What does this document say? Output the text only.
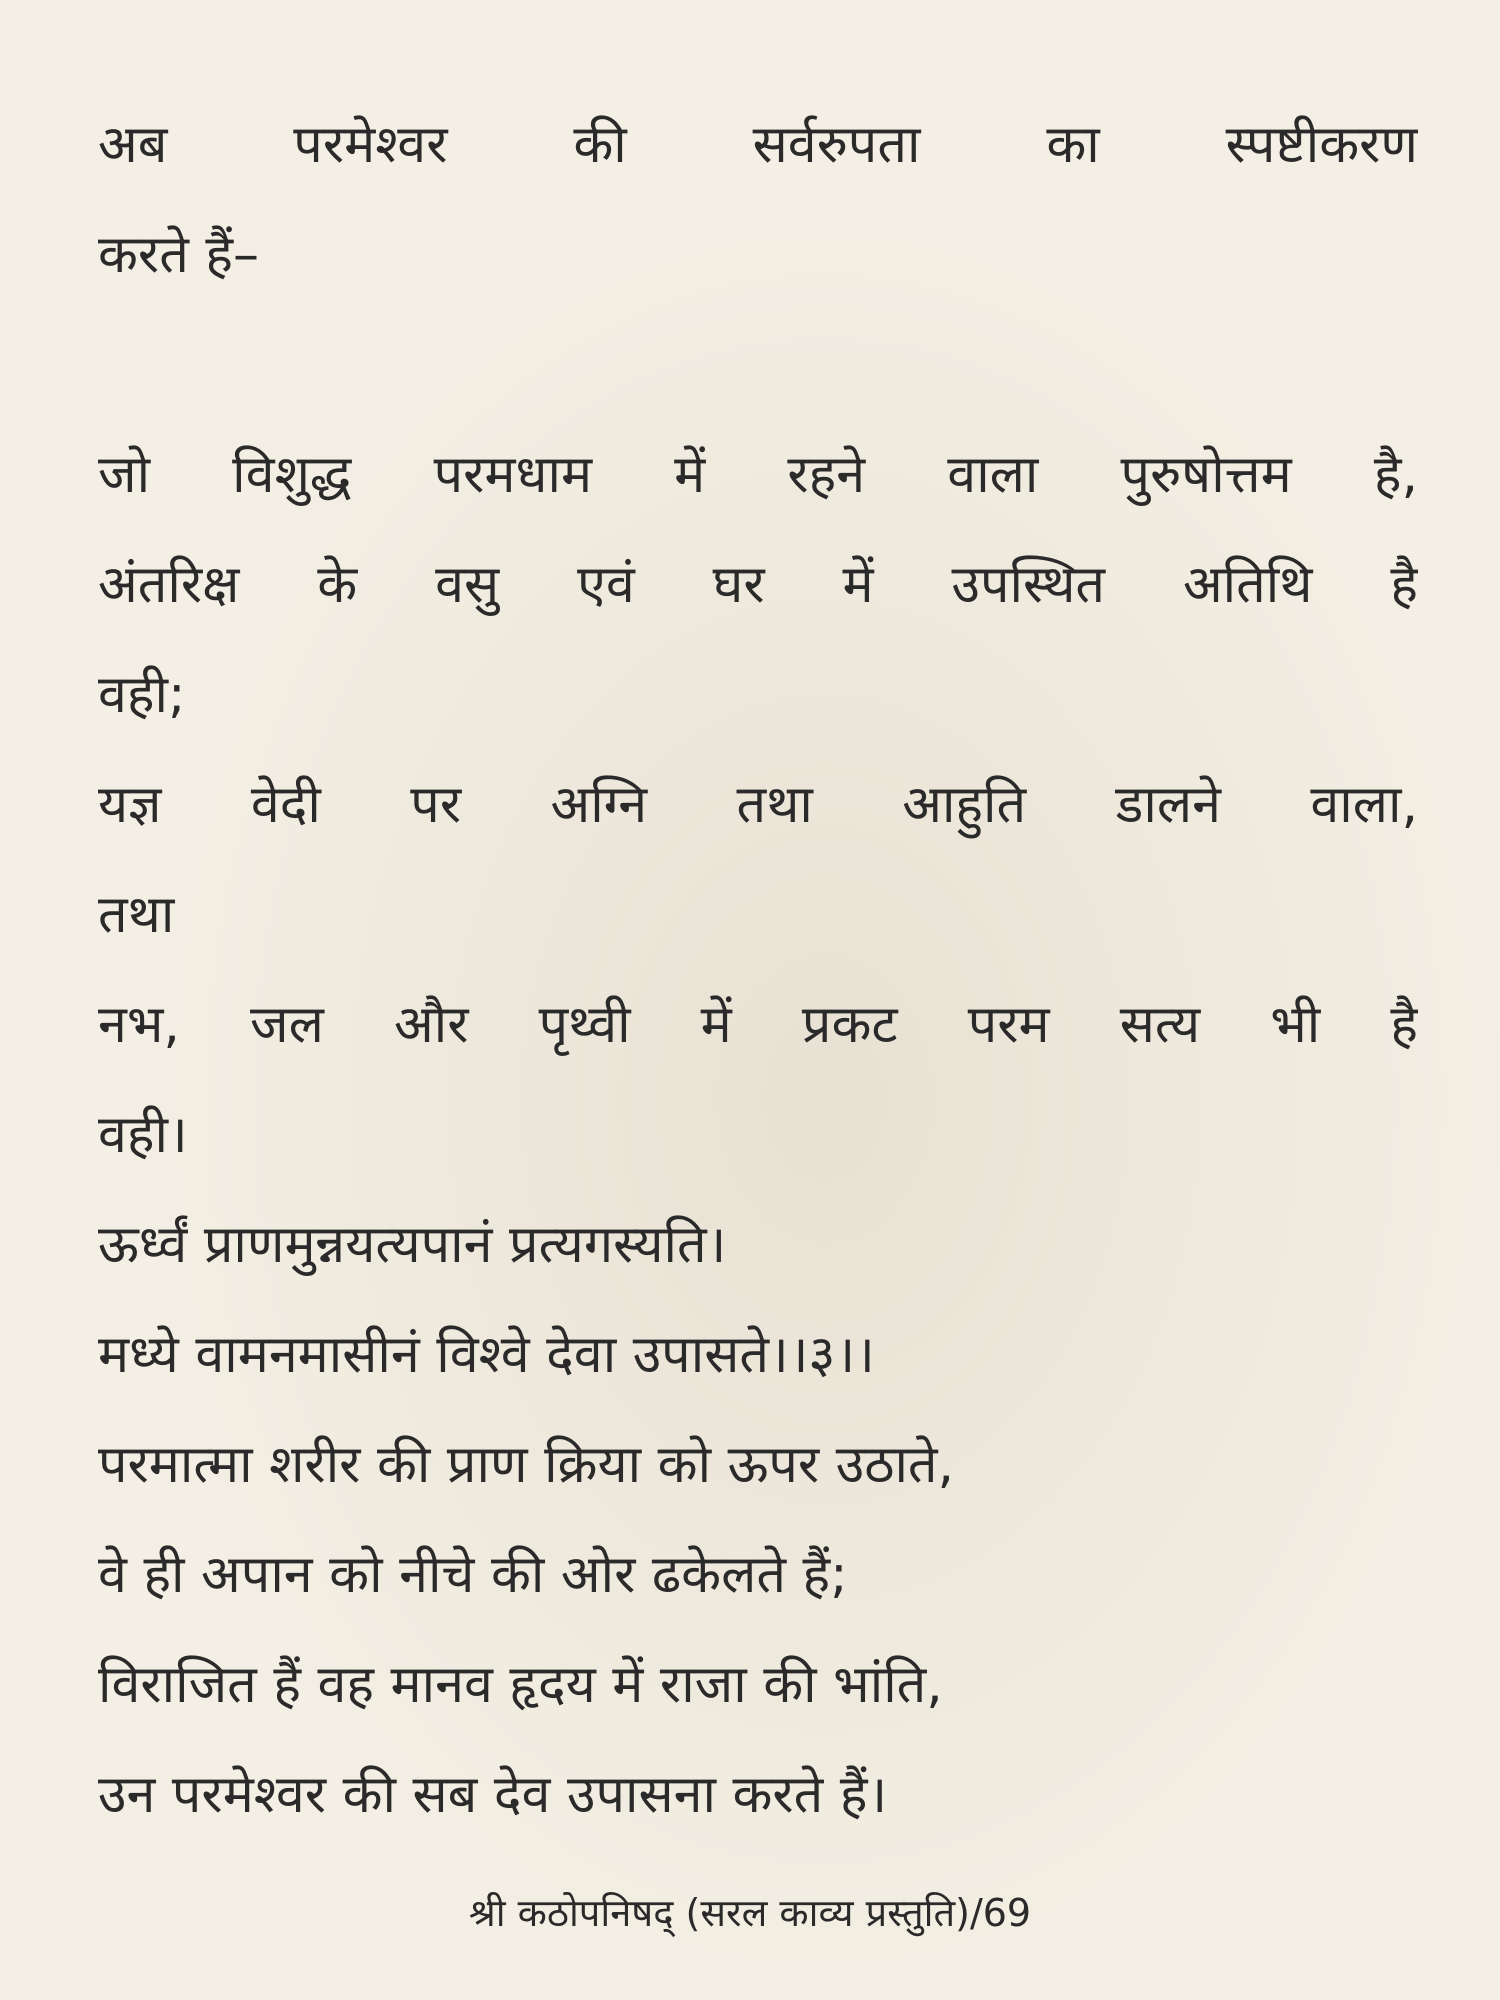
अब परमेश्वर की सर्वरुपता का स्पष्टीकरण
करते हैं–
जो विशुद्ध परमधाम में रहने वाला पुरुषोत्तम है,
अंतरिक्ष के वसु एवं घर में उपस्थित अतिथि है
वही;
यज्ञ वेदी पर अग्नि तथा आहुति डालने वाला,
तथा
नभ, जल और पृथ्वी में प्रकट परम सत्य भी है
वही।
ऊर्ध्वं प्राणमुन्नयत्यपानं प्रत्यगस्यति।
मध्ये वामनमासीनं विश्वे देवा उपासते।।३।।
परमात्मा शरीर की प्राण क्रिया को ऊपर उठाते,
वे ही अपान को नीचे की ओर ढकेलते हैं;
विराजित हैं वह मानव हृदय में राजा की भांति,
उन परमेश्वर की सब देव उपासना करते हैं।
श्री कठोपनिषद् (सरल काव्य प्रस्तुति)/69
